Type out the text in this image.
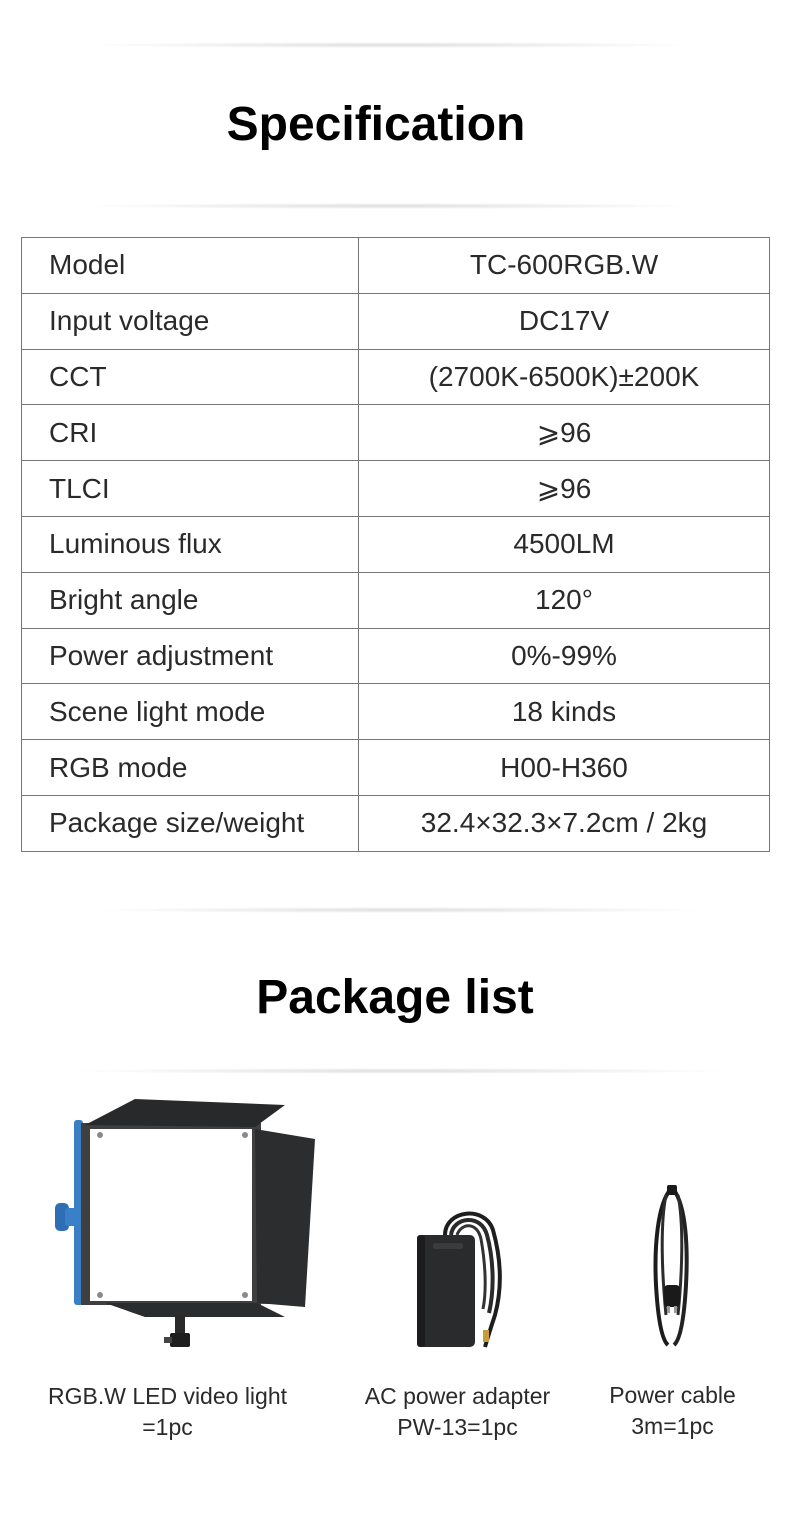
Specification
Model	TC-600RGB.W
Input voltage	DC17V
CCT	(2700K-6500K)±200K
CRI	⩾96
TLCI	⩾96
Luminous flux	4500LM
Bright angle	120°
Power adjustment	0%-99%
Scene light mode	18 kinds
RGB mode	H00-H360
Package size/weight	32.4×32.3×7.2cm / 2kg
Package list
RGB.W LED video light
=1pc
AC power adapter
PW-13=1pc
Power cable
3m=1pc
